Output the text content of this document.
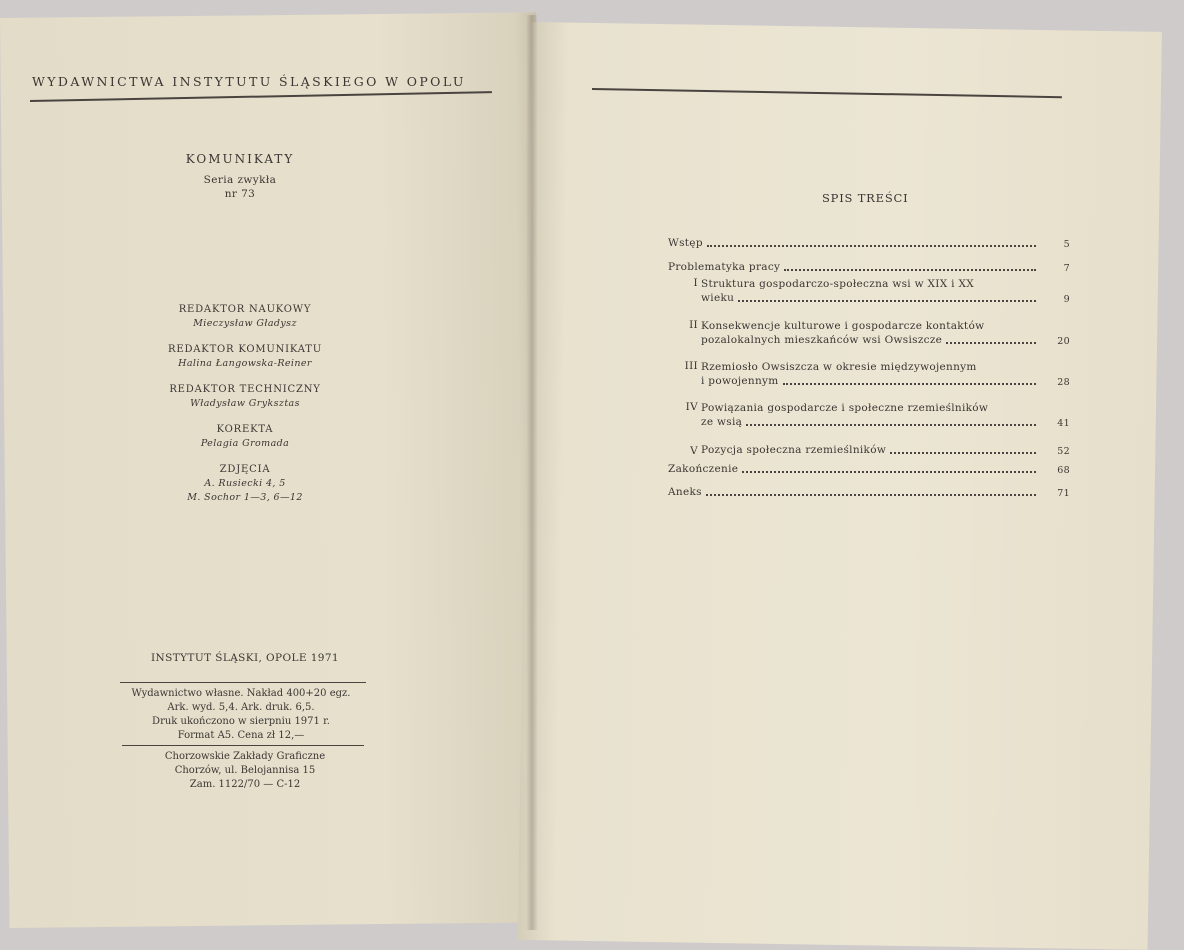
WYDAWNICTWA INSTYTUTU ŚLĄSKIEGO W OPOLU
KOMUNIKATY
Seria zwykła
nr 73
REDAKTOR NAUKOWY
Mieczysław Gładysz
REDAKTOR KOMUNIKATU
Halina Łangowska-Reiner
REDAKTOR TECHNICZNY
Władysław Gryksztas
KOREKTA
Pelagia Gromada
ZDJĘCIA
A. Rusiecki 4, 5
M. Sochor 1—3, 6—12
INSTYTUT ŚLĄSKI, OPOLE 1971
Wydawnictwo własne. Nakład 400+20 egz.
Ark. wyd. 5,4. Ark. druk. 6,5.
Druk ukończono w sierpniu 1971 r.
Format A5. Cena zł 12,—
Chorzowskie Zakłady Graficzne
Chorzów, ul. Belojannisa 15
Zam. 1122/70 — C-12
SPIS TREŚCI
Wstęp	5
Problematyka pracy	7
I Struktura gospodarczo-społeczna wsi w XIX i XX
wieku	9
II Konsekwencje kulturowe i gospodarcze kontaktów
pozalokalnych mieszkańców wsi Owsiszcze	20
III Rzemiosło Owsiszcza w okresie międzywojennym
i powojennym	28
IV Powiązania gospodarcze i społeczne rzemieślników
ze wsią	41
V Pozycja społeczna rzemieślników	52
Zakończenie	68
Aneks	71
